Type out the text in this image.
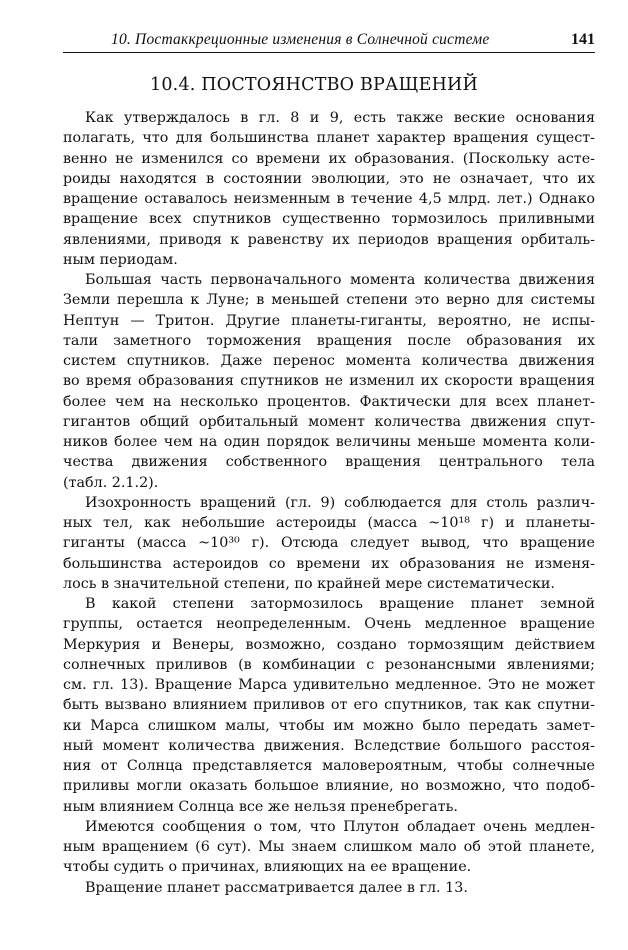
10. Постаккреционные изменения в Солнечной системе	141
10.4. ПОСТОЯНСТВО ВРАЩЕНИЙ
Как утверждалось в гл. 8 и 9, есть также веские основания
полагать, что для большинства планет характер вращения сущест-
венно не изменился со времени их образования. (Поскольку асте-
роиды находятся в состоянии эволюции, это не означает, что их
вращение оставалось неизменным в течение 4,5 млрд. лет.) Однако
вращение всех спутников существенно тормозилось приливными
явлениями, приводя к равенству их периодов вращения орбиталь-
ным периодам.
Большая часть первоначального момента количества движения
Земли перешла к Луне; в меньшей степени это верно для системы
Нептун — Тритон. Другие планеты-гиганты, вероятно, не испы-
тали заметного торможения вращения после образования их
систем спутников. Даже перенос момента количества движения
во время образования спутников не изменил их скорости вращения
более чем на несколько процентов. Фактически для всех планет-
гигантов общий орбитальный момент количества движения спут-
ников более чем на один порядок величины меньше момента коли-
чества движения собственного вращения центрального тела
(табл. 2.1.2).
Изохронность вращений (гл. 9) соблюдается для столь различ-
ных тел, как небольшие астероиды (масса ~10¹⁸ г) и планеты-
гиганты (масса ~10³⁰ г). Отсюда следует вывод, что вращение
большинства астероидов со времени их образования не изменя-
лось в значительной степени, по крайней мере систематически.
В какой степени затормозилось вращение планет земной
группы, остается неопределенным. Очень медленное вращение
Меркурия и Венеры, возможно, создано тормозящим действием
солнечных приливов (в комбинации с резонансными явлениями;
см. гл. 13). Вращение Марса удивительно медленное. Это не может
быть вызвано влиянием приливов от его спутников, так как спутни-
ки Марса слишком малы, чтобы им можно было передать замет-
ный момент количества движения. Вследствие большого расстоя-
ния от Солнца представляется маловероятным, чтобы солнечные
приливы могли оказать большое влияние, но возможно, что подоб-
ным влиянием Солнца все же нельзя пренебрегать.
Имеются сообщения о том, что Плутон обладает очень медлен-
ным вращением (6 сут). Мы знаем слишком мало об этой планете,
чтобы судить о причинах, влияющих на ее вращение.
Вращение планет рассматривается далее в гл. 13.
